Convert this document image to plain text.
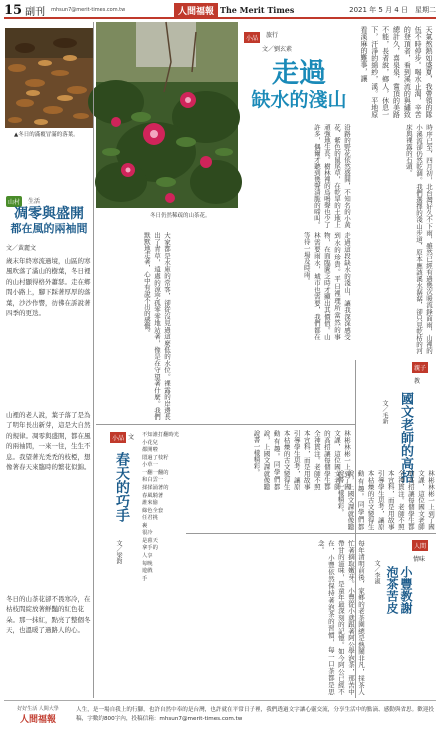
15 副刊 mhsun7@merit-times.com.tw	人間福報 The Merit Times	2021 年 5 月 4 日　星期二
▲冬日的滿覆冒滿的落葉。
冬日仍然稀疏的山茶花。
小品	旅行
文／劉玄素
走過
缺水的淺山	天氣熬熱如盛夏，我帶領的隊伍不時停步。喝水止渴，辛苦的登頂者，看到溪流的與繡致總計久，喜泉泉，嘗頂的美路不能，長者說，鄉人，休息一下，汗淨的綿紗，溪。平地原看溪麻的難事，讓
時序已至，四月初，北台灣好久不下雨，雖然已經有過幾次暖流鋒面雨，山裡的小溪流卻仍然乾涸。我們選擇的淺山步道，原本應該溪水潺潺，卻只見乾枯的河床與裸露的石頭。
沿路的野花依然盛開，不知名的小黃花、紫色的鼠尾草，在乾旱的土地上頑強地生長。樹林裡的鳥鳴聲也少了許多，偶爾才聽到幾聲清脆的啼叫。
走過這段缺水的淺山，讓我深深感受到水的珍貴。平日裡理所當然的事物，在面臨匱乏時才顯出其價值。山林需要雨水，城市也需要，我們都在等待一場及時雨。
大家都是水庫的常客，卻從沒見過這麼低的水位。裸露的岸邊長出了青草，遠處的涼亭孤零零地站著，像是在守望著什麼。我們默默地走著，心中有說不出的感慨。
山村	生活
凋零與盛開
都在風的兩袖間
文／黃麗文
歲末年終寒流過境，山區的寒風吹落了滿山的樹葉，冬日裡的山村顯得格外蕭瑟。走在鄉間小路上，腳下踩著厚厚的落葉，沙沙作響，彷彿在訴說著四季的更迭。
山裡的老人說，葉子落了是為了明年長出新芽，這是大自然的規律。凋零與盛開，都在風的兩袖間，一來一往，生生不息。我望著光禿禿的枝椏，想像著春天來臨時的繁花似錦。
冬日的山茶花卻不畏寒冷，在枯枝間綻放著鮮豔的紅色花朵。那一抹紅，點亮了整個冬天，也溫暖了過路人的心。
小品 文
春天的巧手
文／梁鈞
不知誰打翻時光
小花兒
都開啦
悶過了枝籽
小草一
一翻一翻的
和白雲一
揉揉涌著的
春風騎著
誰來偷
綠色全套
任君挑
裹
很冷
是暮天
拿手的
人享
每晚
遊戲
手
親子
教
國文老師的高招
文／毛新
林彬林彬一上到了國文課，這位國文老師的高招讓每個學生都全神貫注。老師不照本宣科，而是用故事引導學生思考，讓原本枯燥的古文變得生動有趣。同學們都說，上國文課就像聽說書一樣精彩。
林彬林彬一上到了國文課，這位國文老師的高招讓每個學生都全神貫注。老師不照本宣科，而是用故事引導學生思考，讓原本枯燥的古文變得生動有趣。同學們都說，上國文課就像聽說書一樣精彩。
人間
情味
小豐教謝
泡茶苦皮
文／李淑
每年清明前後，家鄉的老茶園總是熱鬧非凡，採茶人忙著摘取嫩芽。小豐從小就跟著阿公學泡茶，那苦中帶甘的滋味，是童年最深刻的記憶。如今阿公已經不在，小豐依然保持著泡茶的習慣，每一口茶都是思念。
好好生活 人間大學
人間福報
人生，是一場自我上的行腳，也許自然中奉的是台灣，也許就在平常日子裡，我們透過文字讓心靈交流，分享生活中的點滴、感動與省思。歡迎投稿，字數約800字內，投稿信箱：mhsun7@merit-times.com.tw
